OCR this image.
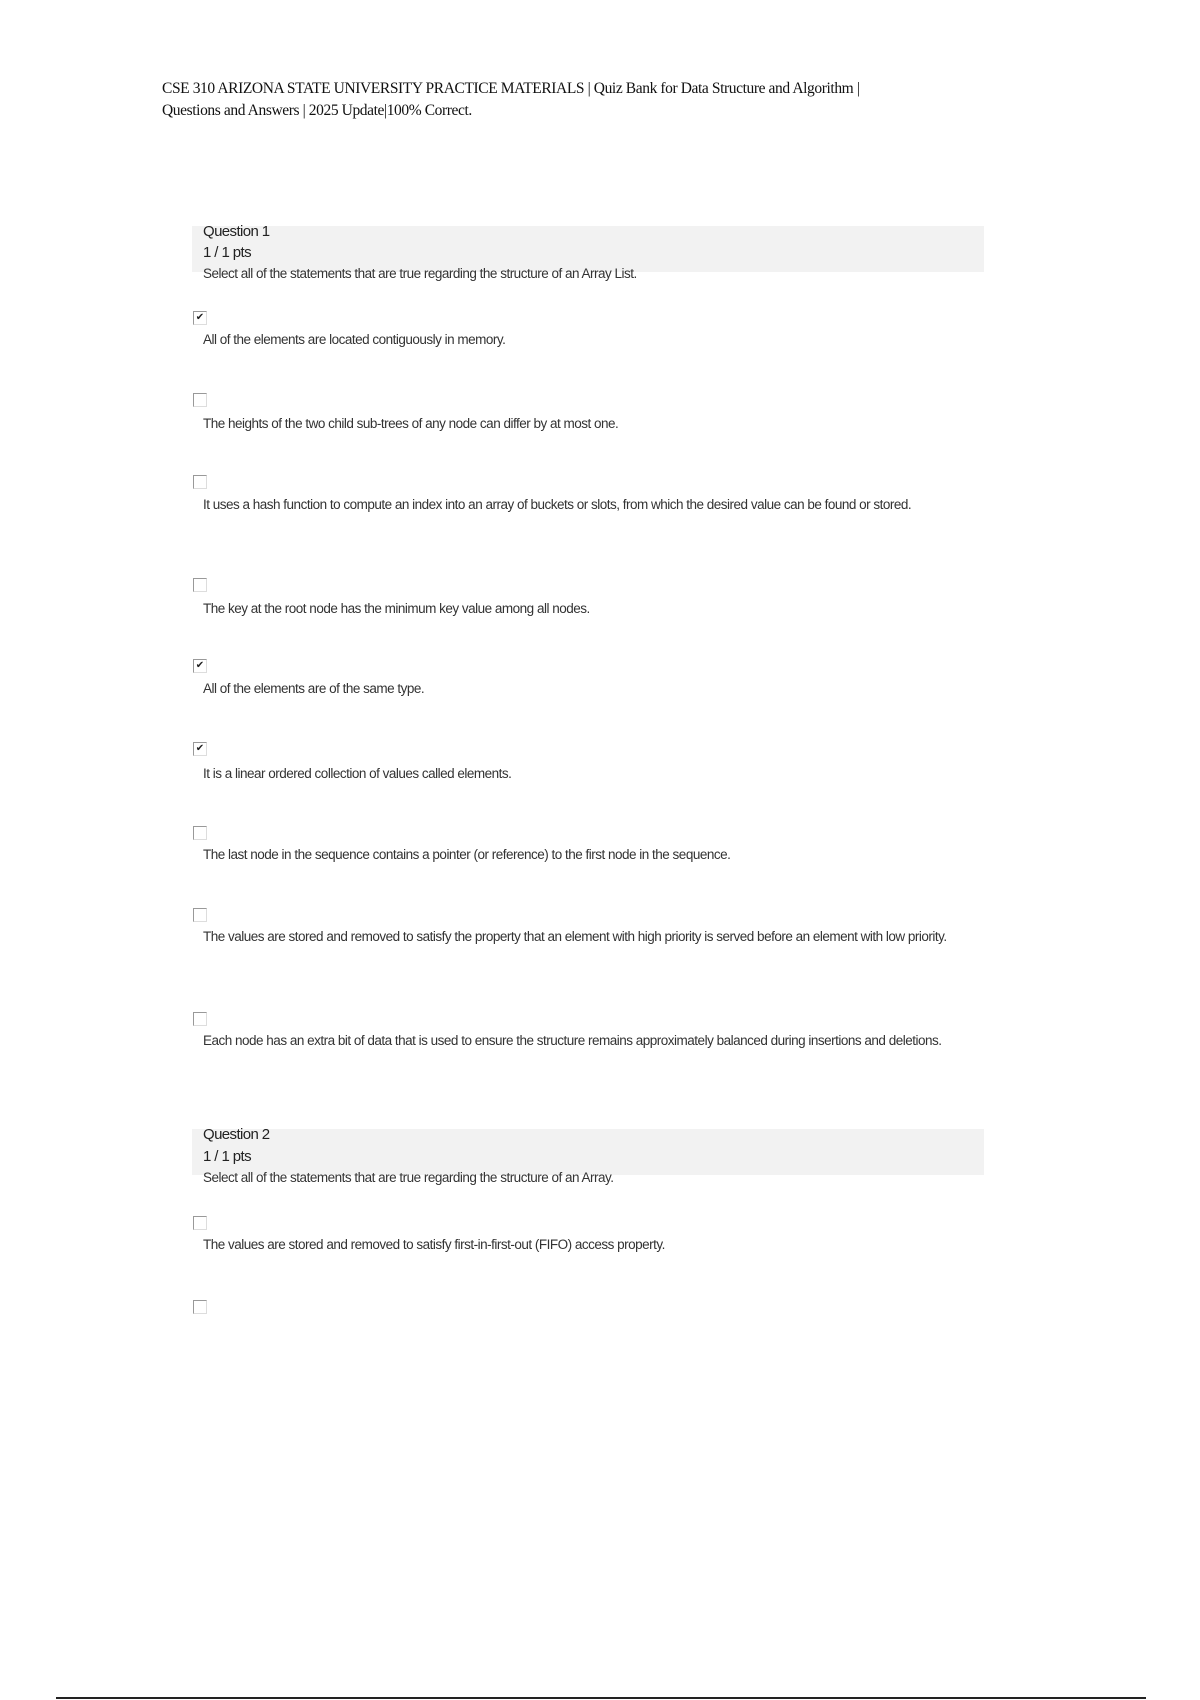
CSE 310 ARIZONA STATE UNIVERSITY PRACTICE MATERIALS | Quiz Bank for Data Structure and Algorithm |
Questions and Answers | 2025 Update|100% Correct.
Question 1
1 / 1 pts
Select all of the statements that are true regarding the structure of an Array List.
✔
All of the elements are located contiguously in memory.
The heights of the two child sub-trees of any node can differ by at most one.
It uses a hash function to compute an index into an array of buckets or slots, from which the desired value can be found or stored.
The key at the root node has the minimum key value among all nodes.
✔
All of the elements are of the same type.
✔
It is a linear ordered collection of values called elements.
The last node in the sequence contains a pointer (or reference) to the first node in the sequence.
The values are stored and removed to satisfy the property that an element with high priority is served before an element with low priority.
Each node has an extra bit of data that is used to ensure the structure remains approximately balanced during insertions and deletions.
Question 2
1 / 1 pts
Select all of the statements that are true regarding the structure of an Array.
The values are stored and removed to satisfy first-in-first-out (FIFO) access property.
